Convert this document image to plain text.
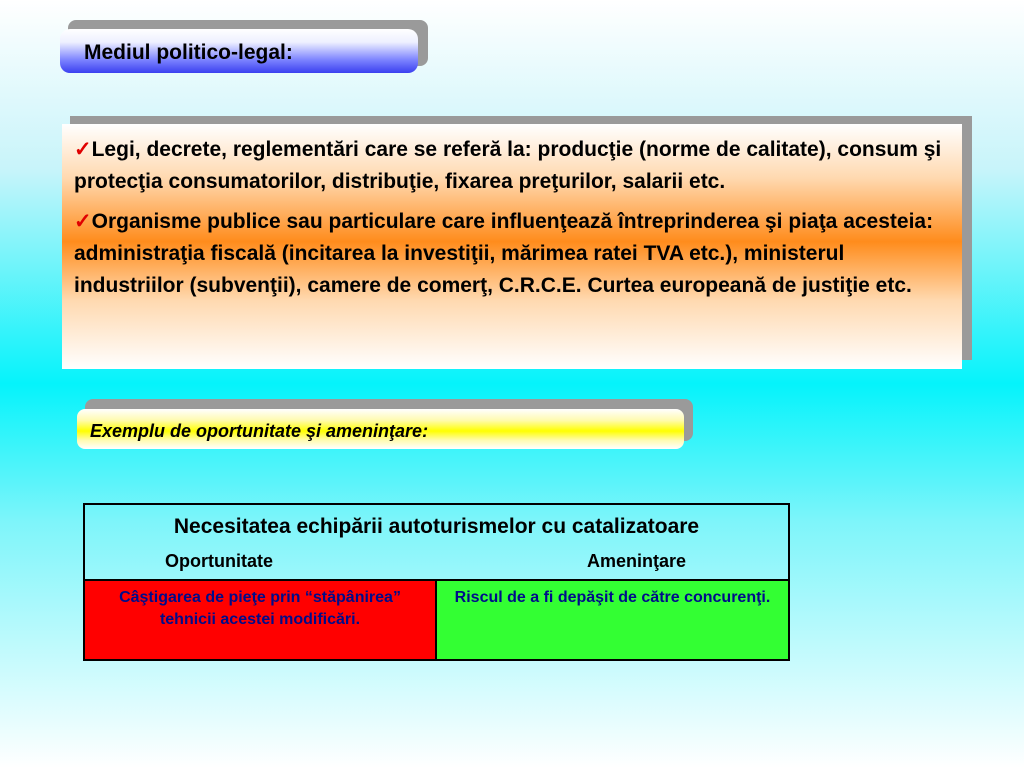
Mediul politico-legal:

✓Legi, decrete, reglementări care se referă la: producţie (norme de calitate), consum şi protecţia consumatorilor, distribuţie, fixarea preţurilor, salarii etc.

✓Organisme publice sau particulare care influenţează întreprinderea şi piaţa acesteia: administraţia fiscală (incitarea la investiţii, mărimea ratei TVA etc.), ministerul industriilor (subvenţii), camere de comerţ, C.R.C.E. Curtea europeană de justiţie etc.

Exemplu de oportunitate şi ameninţare:
Necesitatea echipării autoturismelor cu catalizatoare
Oportunitate	Ameninţare
Câştigarea de pieţe prin “stăpânirea” tehnicii acestei modificări.
Riscul de a fi depăşit de către concurenţi.
